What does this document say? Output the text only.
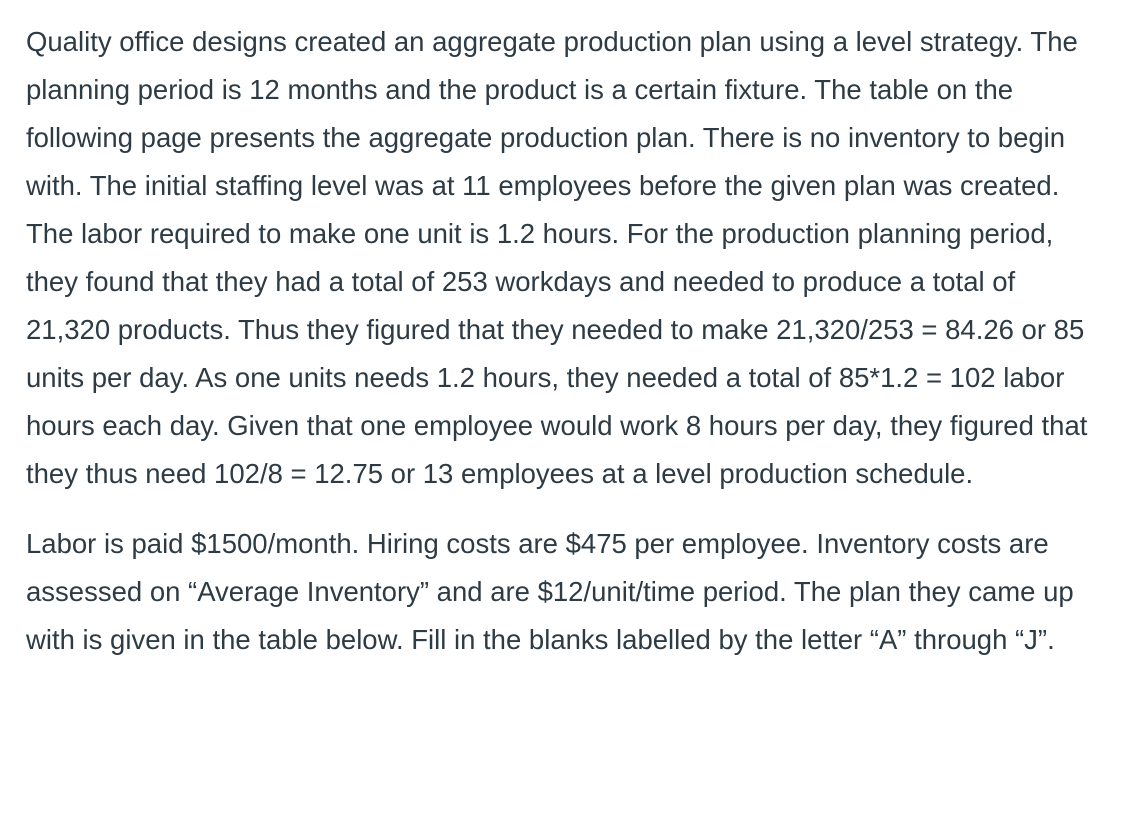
Quality office designs created an aggregate production plan using a level strategy. The planning period is 12 months and the product is a certain fixture. The table on the following page presents the aggregate production plan. There is no inventory to begin with. The initial staffing level was at 11 employees before the given plan was created. The labor required to make one unit is 1.2 hours. For the production planning period, they found that they had a total of 253 workdays and needed to produce a total of 21,320 products. Thus they figured that they needed to make 21,320/253 = 84.26 or 85 units per day. As one units needs 1.2 hours, they needed a total of 85*1.2 = 102 labor hours each day. Given that one employee would work 8 hours per day, they figured that they thus need 102/8 = 12.75 or 13 employees at a level production schedule.

Labor is paid $1500/month. Hiring costs are $475 per employee. Inventory costs are assessed on “Average Inventory” and are $12/unit/time period. The plan they came up with is given in the table below. Fill in the blanks labelled by the letter “A” through “J”.
